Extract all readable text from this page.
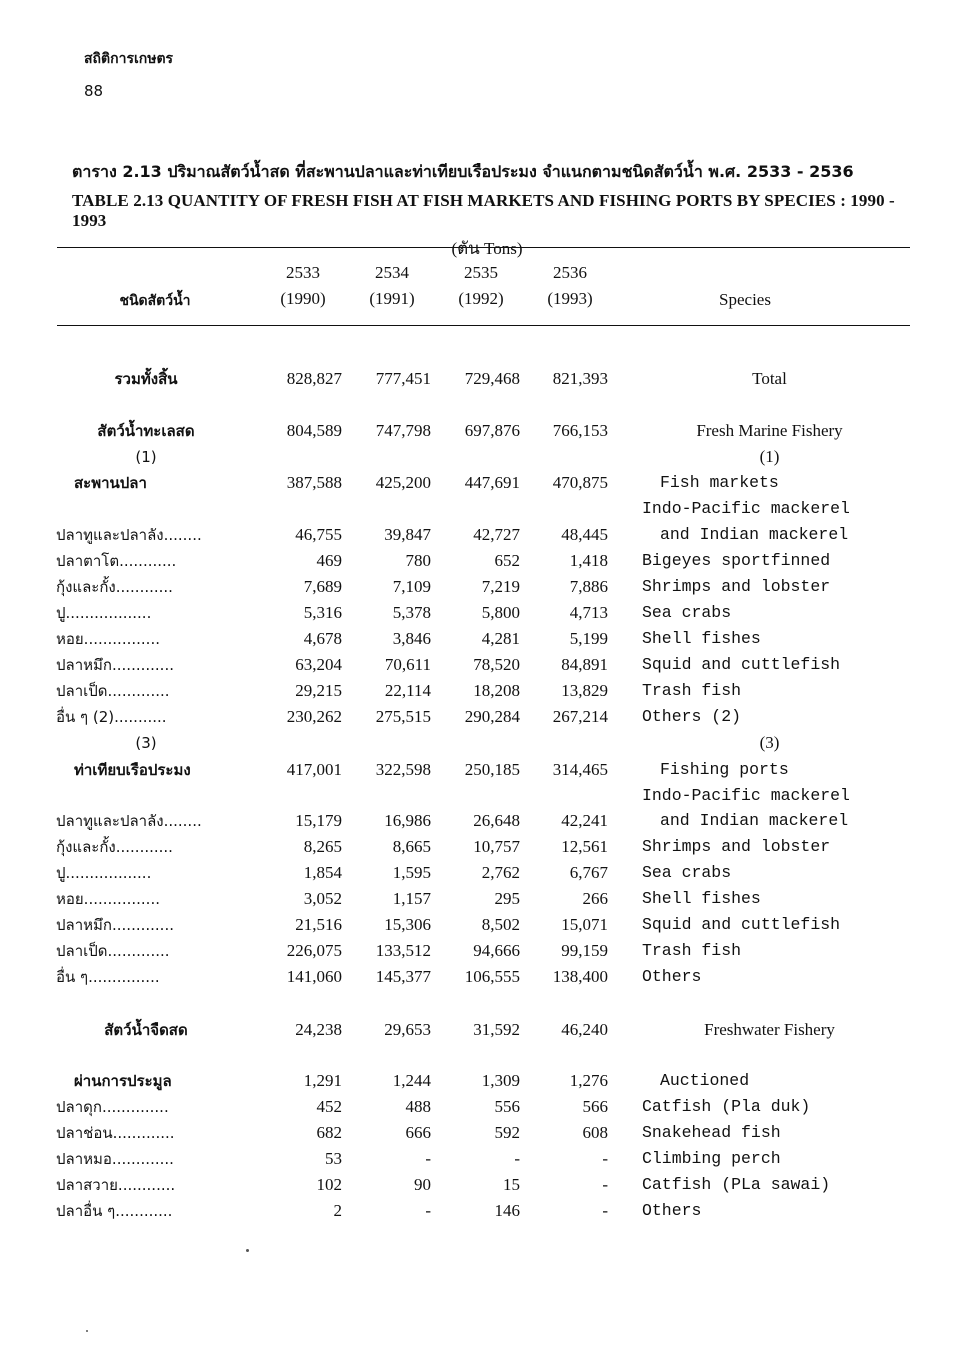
สถิติการเกษตร
88
ตาราง 2.13 ปริมาณสัตว์น้ำสด ที่สะพานปลาและท่าเทียบเรือประมง จำแนกตามชนิดสัตว์น้ำ พ.ศ. 2533 - 2536
TABLE 2.13 QUANTITY OF FRESH FISH AT FISH MARKETS AND FISHING PORTS BY SPECIES : 1990 - 1993
(ตัน Tons)
ชนิดสัตว์น้ำ
2533
(1990)
2534
(1991)
2535
(1992)
2536
(1993)	Species
รวมทั้งสิ้น	828,827	777,451	729,468	821,393	Total
สัตว์น้ำทะเลสด	804,589	747,798	697,876	766,153	Fresh Marine Fishery
(1)	(1)
สะพานปลา	387,588	425,200	447,691	470,875	Fish markets
Indo-Pacific mackerel
ปลาทูและปลาลัง........	46,755	39,847	42,727	48,445	and Indian mackerel
ปลาตาโต............	469	780	652	1,418 Bigeyes sportfinned
กุ้งและกั้ง............	7,689	7,109	7,219	7,886 Shrimps and lobster
ปู..................	5,316	5,378	5,800	4,713 Sea crabs
หอย................	4,678	3,846	4,281	5,199 Shell fishes
ปลาหมึก.............	63,204	70,611	78,520	84,891 Squid and cuttlefish
ปลาเป็ด.............	29,215	22,114	18,208	13,829 Trash fish
อื่น ๆ (2)...........	230,262	275,515	290,284	267,214 Others (2)
(3)	(3)
ท่าเทียบเรือประมง	417,001	322,598	250,185	314,465	Fishing ports
Indo-Pacific mackerel
ปลาทูและปลาลัง........	15,179	16,986	26,648	42,241	and Indian mackerel
กุ้งและกั้ง............	8,265	8,665	10,757	12,561 Shrimps and lobster
ปู..................	1,854	1,595	2,762	6,767 Sea crabs
หอย................	3,052	1,157	295	266 Shell fishes
ปลาหมึก.............	21,516	15,306	8,502	15,071 Squid and cuttlefish
ปลาเป็ด.............	226,075	133,512	94,666	99,159 Trash fish
อื่น ๆ...............	141,060	145,377	106,555	138,400 Others
สัตว์น้ำจืดสด	24,238	29,653	31,592	46,240	Freshwater Fishery
ผ่านการประมูล	1,291	1,244	1,309	1,276	Auctioned
ปลาดุก..............	452	488	556	566 Catfish (Pla duk)
ปลาช่อน.............	682	666	592	608 Snakehead fish
ปลาหมอ.............	53	-	-	- Climbing perch
ปลาสวาย............	102	90	15	- Catfish (PLa sawai)
ปลาอื่น ๆ............	2	-	146	- Others
